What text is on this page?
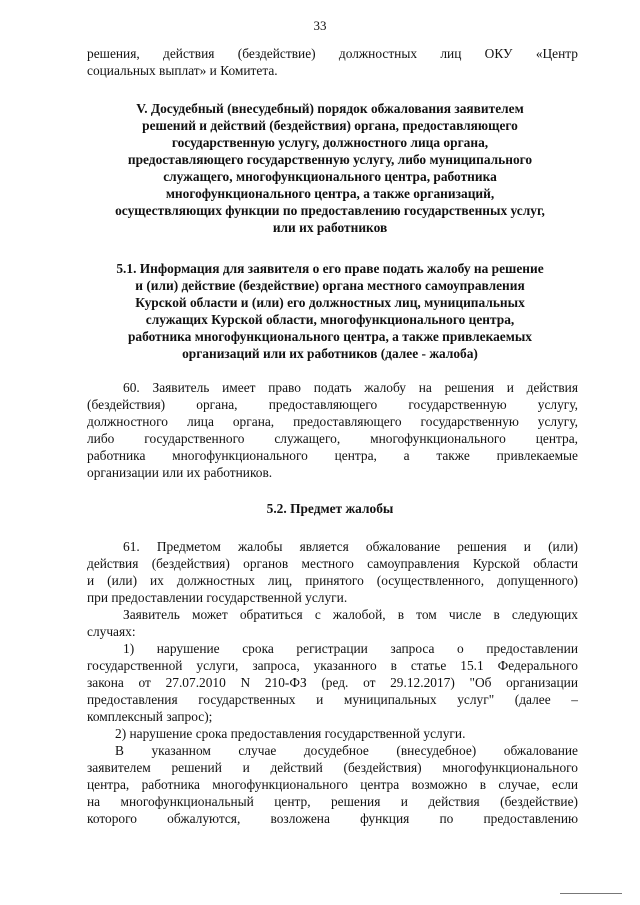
33
решения, действия (бездействие) должностных лиц ОКУ «Центр
социальных выплат» и Комитета.
V. Досудебный (внесудебный) порядок обжалования заявителем
решений и действий (бездействия) органа, предоставляющего
государственную услугу, должностного лица органа,
предоставляющего государственную услугу, либо муниципального
служащего, многофункционального центра, работника
многофункционального центра, а также организаций,
осуществляющих функции по предоставлению государственных услуг,
или их работников
5.1. Информация для заявителя о его праве подать жалобу на решение
и (или) действие (бездействие) органа местного самоуправления
Курской области и (или) его должностных лиц, муниципальных
служащих Курской области, многофункционального центра,
работника многофункционального центра, а также привлекаемых
организаций или их работников (далее - жалоба)
60. Заявитель имеет право подать жалобу на решения и действия
(бездействия) органа, предоставляющего государственную услугу,
должностного лица органа, предоставляющего государственную услугу,
либо государственного служащего, многофункционального центра,
работника многофункционального центра, а также привлекаемые
организации или их работников.
5.2. Предмет жалобы
61. Предметом жалобы является обжалование решения и (или)
действия (бездействия) органов местного самоуправления Курской области
и (или) их должностных лиц, принятого (осуществленного, допущенного)
при предоставлении государственной услуги.
Заявитель может обратиться с жалобой, в том числе в следующих
случаях:
1) нарушение срока регистрации запроса о предоставлении
государственной услуги, запроса, указанного в статье 15.1 Федерального
закона от 27.07.2010 N 210-ФЗ (ред. от 29.12.2017) "Об организации
предоставления государственных и муниципальных услуг" (далее –
комплексный запрос);
2) нарушение срока предоставления государственной услуги.
В указанном случае досудебное (внесудебное) обжалование
заявителем решений и действий (бездействия) многофункционального
центра, работника многофункционального центра возможно в случае, если
на многофункциональный центр, решения и действия (бездействие)
которого обжалуются, возложена функция по предоставлению
